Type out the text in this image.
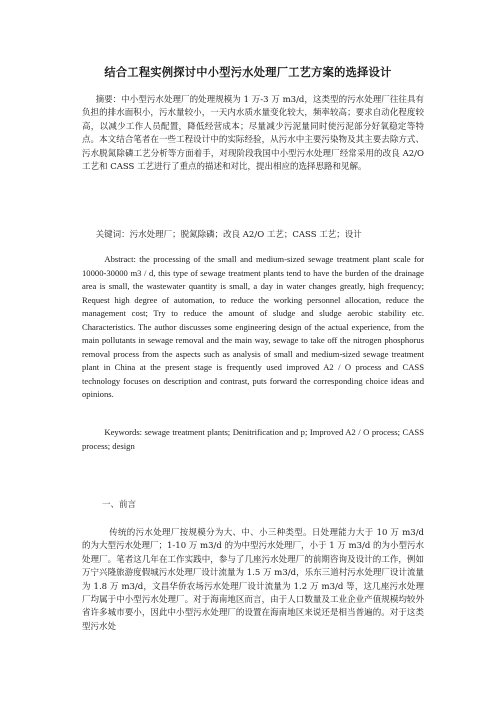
结合工程实例探讨中小型污水处理厂工艺方案的选择设计

摘要：中小型污水处理厂的处理规模为 1 万-3 万 m3/d，这类型的污水处理厂往往具有负担的排水面积小，污水量较小，一天内水质水量变化较大，频率较高；要求自动化程度较高，以减少工作人员配置，降低经营成本；尽量减少污泥量同时使污泥部分好氧稳定等特点。本文结合笔者在一些工程设计中的实际经验，从污水中主要污染物及其主要去除方式、污水脱氮除磷工艺分析等方面着手，对现阶段我国中小型污水处理厂经常采用的改良 A2/O 工艺和 CASS 工艺进行了重点的描述和对比，提出相应的选择思路和见解。

关键词：污水处理厂；脱氮除磷；改良 A2/O 工艺；CASS 工艺；设计

Abstract: the processing of the small and medium-sized sewage treatment plant scale for 10000-30000 m3 / d, this type of sewage treatment plants tend to have the burden of the drainage area is small, the wastewater quantity is small, a day in water changes greatly, high frequency; Request high degree of automation, to reduce the working personnel allocation, reduce the management cost; Try to reduce the amount of sludge and sludge aerobic stability etc. Characteristics. The author discusses some engineering design of the actual experience, from the main pollutants in sewage removal and the main way, sewage to take off the nitrogen phosphorus removal process from the aspects such as analysis of small and medium-sized sewage treatment plant in China at the present stage is frequently used improved A2 / O process and CASS technology focuses on description and contrast, puts forward the corresponding choice ideas and opinions.

Keywords: sewage treatment plants; Denitrification and p; Improved A2 / O process; CASS process; design

一、前言

传统的污水处理厂按规模分为大、中、小三种类型。日处理能力大于 10 万 m3/d 的为大型污水处理厂；1-10 万 m3/d 的为中型污水处理厂，小于 1 万 m3/d 的为小型污水处理厂。笔者这几年在工作实践中，参与了几座污水处理厂的前期咨询及设计的工作，例如万宁兴隆旅游度假城污水处理厂设计流量为 1.5 万 m3/d，乐东三道村污水处理厂设计流量为 1.8 万 m3/d，文昌华侨农场污水处理厂设计流量为 1.2 万 m3/d 等，这几座污水处理厂均属于中小型污水处理厂。对于海南地区而言，由于人口数量及工业企业产值规模均较外省许多城市要小，因此中小型污水处理厂的设置在海南地区来说还是相当普遍的。对于这类型污水处
